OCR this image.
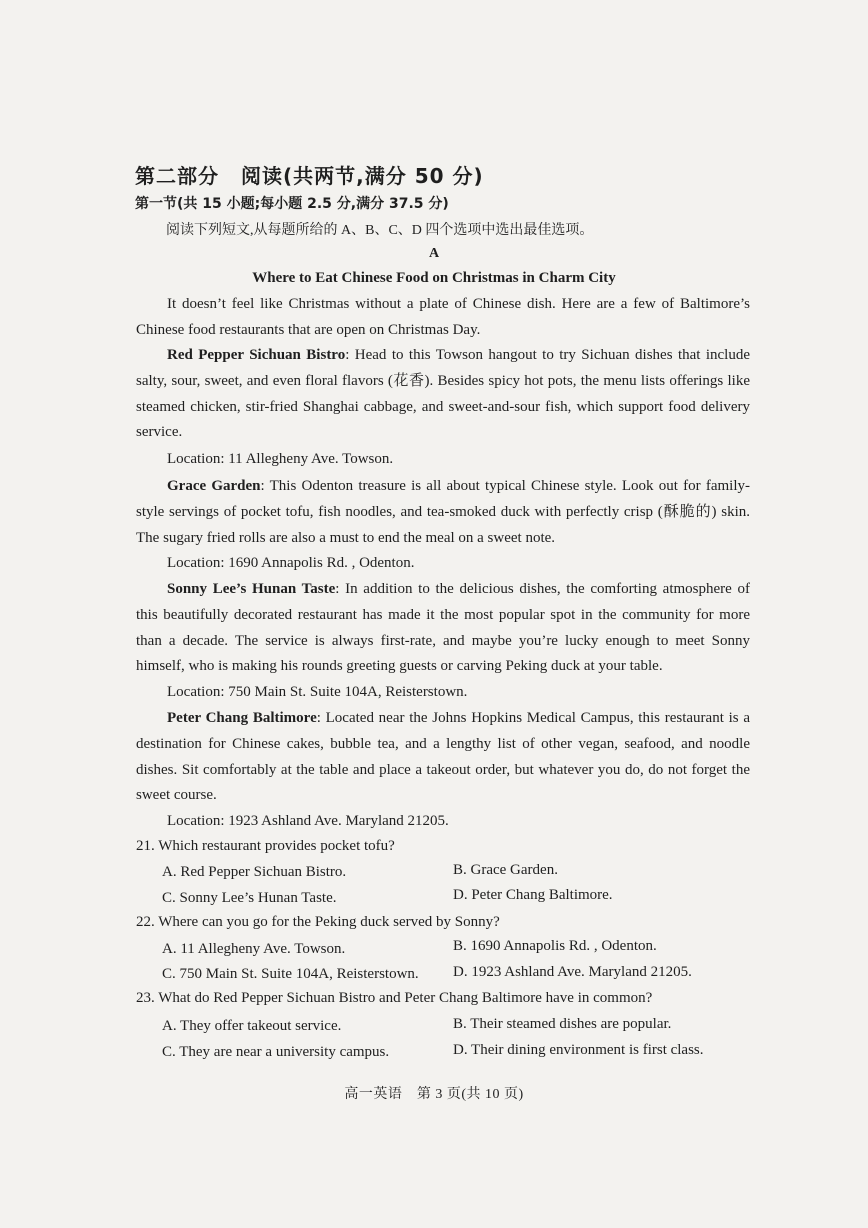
第二部分 阅读(共两节,满分 50 分)
第一节(共 15 小题;每小题 2.5 分,满分 37.5 分)
阅读下列短文,从每题所给的 A、B、C、D 四个选项中选出最佳选项。
A
Where to Eat Chinese Food on Christmas in Charm City
It doesn’t feel like Christmas without a plate of Chinese dish. Here are a few of Baltimore’s Chinese food restaurants that are open on Christmas Day.
Red Pepper Sichuan Bistro: Head to this Towson hangout to try Sichuan dishes that include salty, sour, sweet, and even floral flavors (花香). Besides spicy hot pots, the menu lists offerings like steamed chicken, stir-fried Shanghai cabbage, and sweet-and-sour fish, which support food delivery service.
Location: 11 Allegheny Ave. Towson.
Grace Garden: This Odenton treasure is all about typical Chinese style. Look out for family-style servings of pocket tofu, fish noodles, and tea-smoked duck with perfectly crisp (酥脆的) skin. The sugary fried rolls are also a must to end the meal on a sweet note.
Location: 1690 Annapolis Rd. , Odenton.
Sonny Lee’s Hunan Taste: In addition to the delicious dishes, the comforting atmosphere of this beautifully decorated restaurant has made it the most popular spot in the community for more than a decade. The service is always first-rate, and maybe you’re lucky enough to meet Sonny himself, who is making his rounds greeting guests or carving Peking duck at your table.
Location: 750 Main St. Suite 104A, Reisterstown.
Peter Chang Baltimore: Located near the Johns Hopkins Medical Campus, this restaurant is a destination for Chinese cakes, bubble tea, and a lengthy list of other vegan, seafood, and noodle dishes. Sit comfortably at the table and place a takeout order, but whatever you do, do not forget the sweet course.
Location: 1923 Ashland Ave. Maryland 21205.
21. Which restaurant provides pocket tofu?
A. Red Pepper Sichuan Bistro.	B. Grace Garden.
C. Sonny Lee’s Hunan Taste.	D. Peter Chang Baltimore.
22. Where can you go for the Peking duck served by Sonny?
A. 11 Allegheny Ave. Towson.	B. 1690 Annapolis Rd. , Odenton.
C. 750 Main St. Suite 104A, Reisterstown. D. 1923 Ashland Ave. Maryland 21205.
23. What do Red Pepper Sichuan Bistro and Peter Chang Baltimore have in common?
A. They offer takeout service.	B. Their steamed dishes are popular.
C. They are near a university campus.	D. Their dining environment is first class.
高一英语　第 3 页(共 10 页)
